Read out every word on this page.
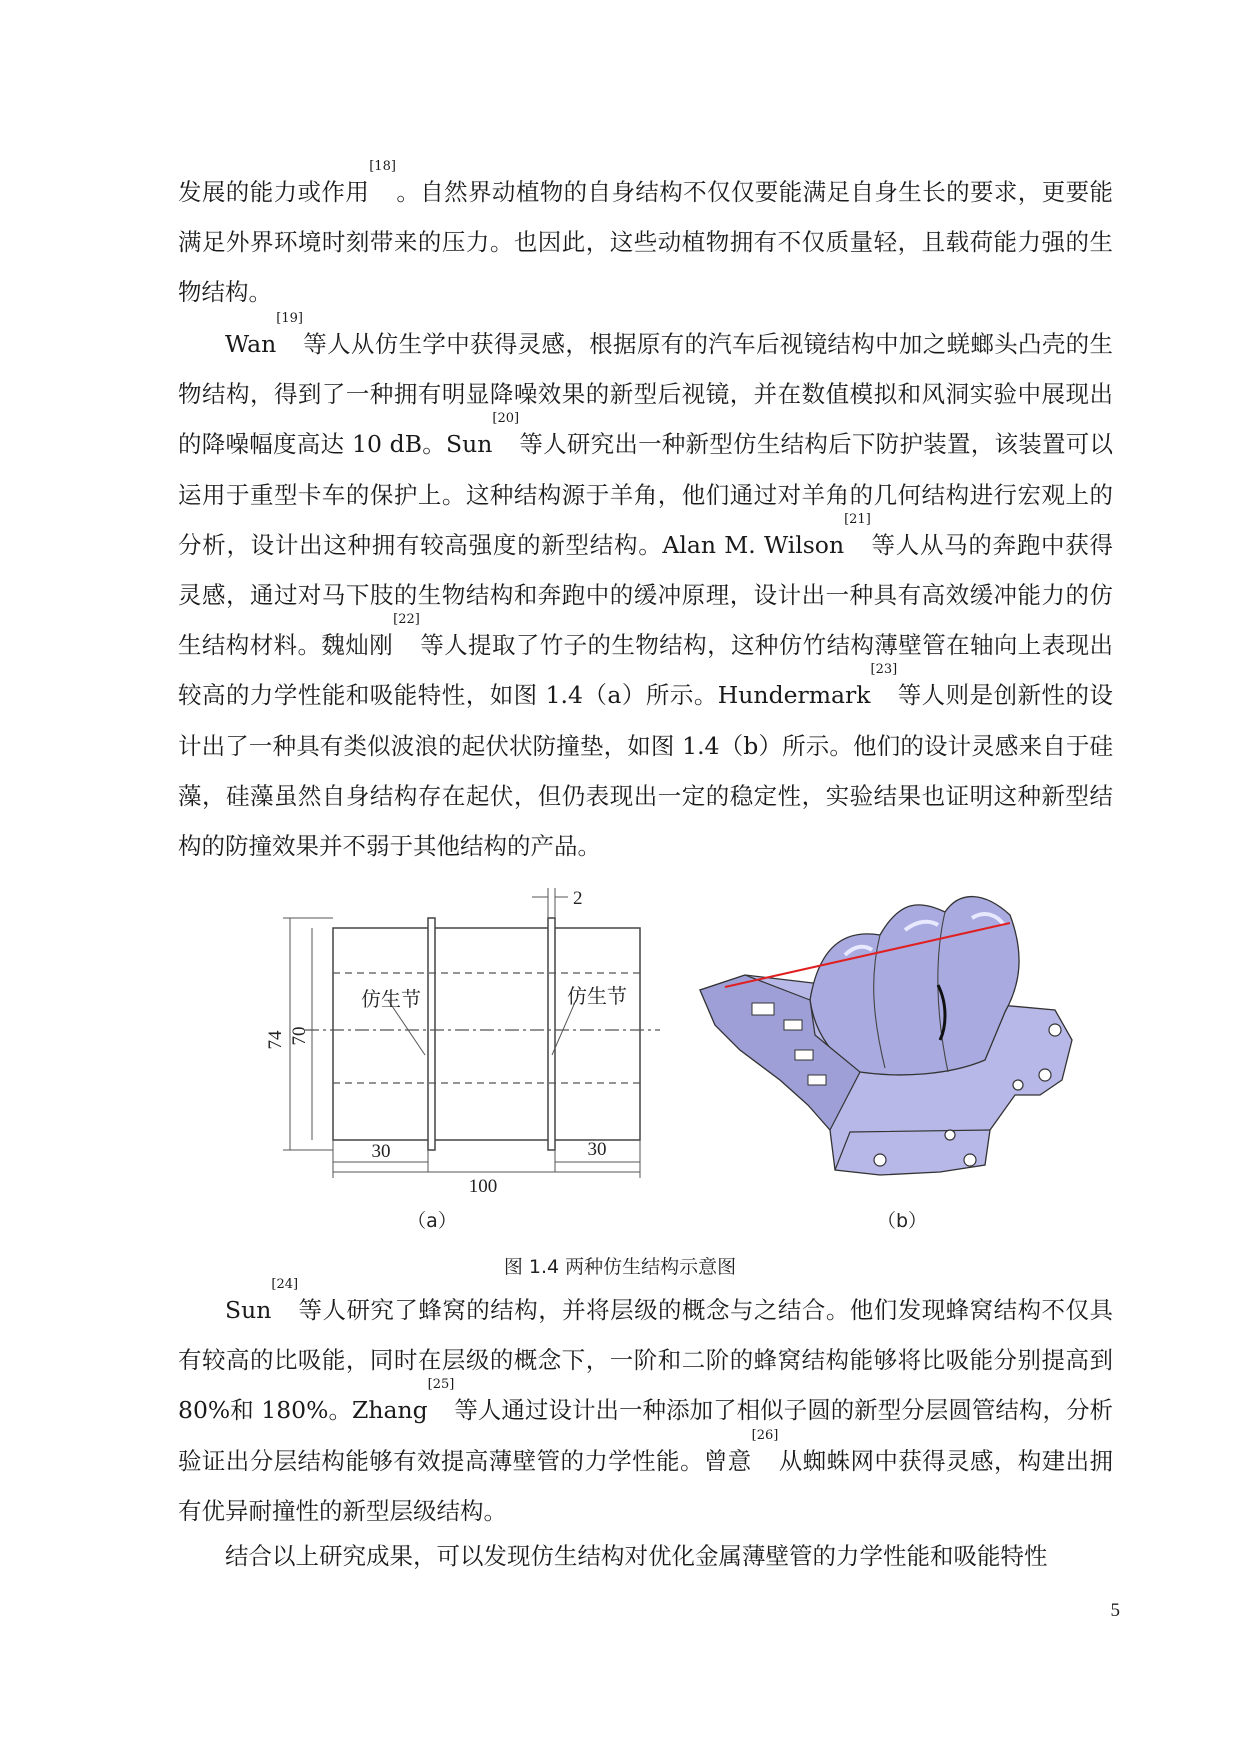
发展的能力或作用[18]。自然界动植物的自身结构不仅仅要能满足自身生长的要求，更要能满足外界环境时刻带来的压力。也因此，这些动植物拥有不仅质量轻，且载荷能力强的生物结构。

Wan[19]等人从仿生学中获得灵感，根据原有的汽车后视镜结构中加之蜣螂头凸壳的生物结构，得到了一种拥有明显降噪效果的新型后视镜，并在数值模拟和风洞实验中展现出的降噪幅度高达 10 dB。Sun[20]等人研究出一种新型仿生结构后下防护装置，该装置可以运用于重型卡车的保护上。这种结构源于羊角，他们通过对羊角的几何结构进行宏观上的分析，设计出这种拥有较高强度的新型结构。Alan M. Wilson[21]等人从马的奔跑中获得灵感，通过对马下肢的生物结构和奔跑中的缓冲原理，设计出一种具有高效缓冲能力的仿生结构材料。魏灿刚[22]等人提取了竹子的生物结构，这种仿竹结构薄壁管在轴向上表现出较高的力学性能和吸能特性，如图 1.4（a）所示。Hundermark[23]等人则是创新性的设计出了一种具有类似波浪的起伏状防撞垫，如图 1.4（b）所示。他们的设计灵感来自于硅藻，硅藻虽然自身结构存在起伏，但仍表现出一定的稳定性，实验结果也证明这种新型结构的防撞效果并不弱于其他结构的产品。

仿生节	仿生节
74 70
30	30
100
2
（a）	（b）
图 1.4 两种仿生结构示意图

Sun[24]等人研究了蜂窝的结构，并将层级的概念与之结合。他们发现蜂窝结构不仅具有较高的比吸能，同时在层级的概念下，一阶和二阶的蜂窝结构能够将比吸能分别提高到 80%和 180%。Zhang[25]等人通过设计出一种添加了相似子圆的新型分层圆管结构，分析验证出分层结构能够有效提高薄壁管的力学性能。曾意[26]从蜘蛛网中获得灵感，构建出拥有优异耐撞性的新型层级结构。

结合以上研究成果，可以发现仿生结构对优化金属薄壁管的力学性能和吸能特性

5
